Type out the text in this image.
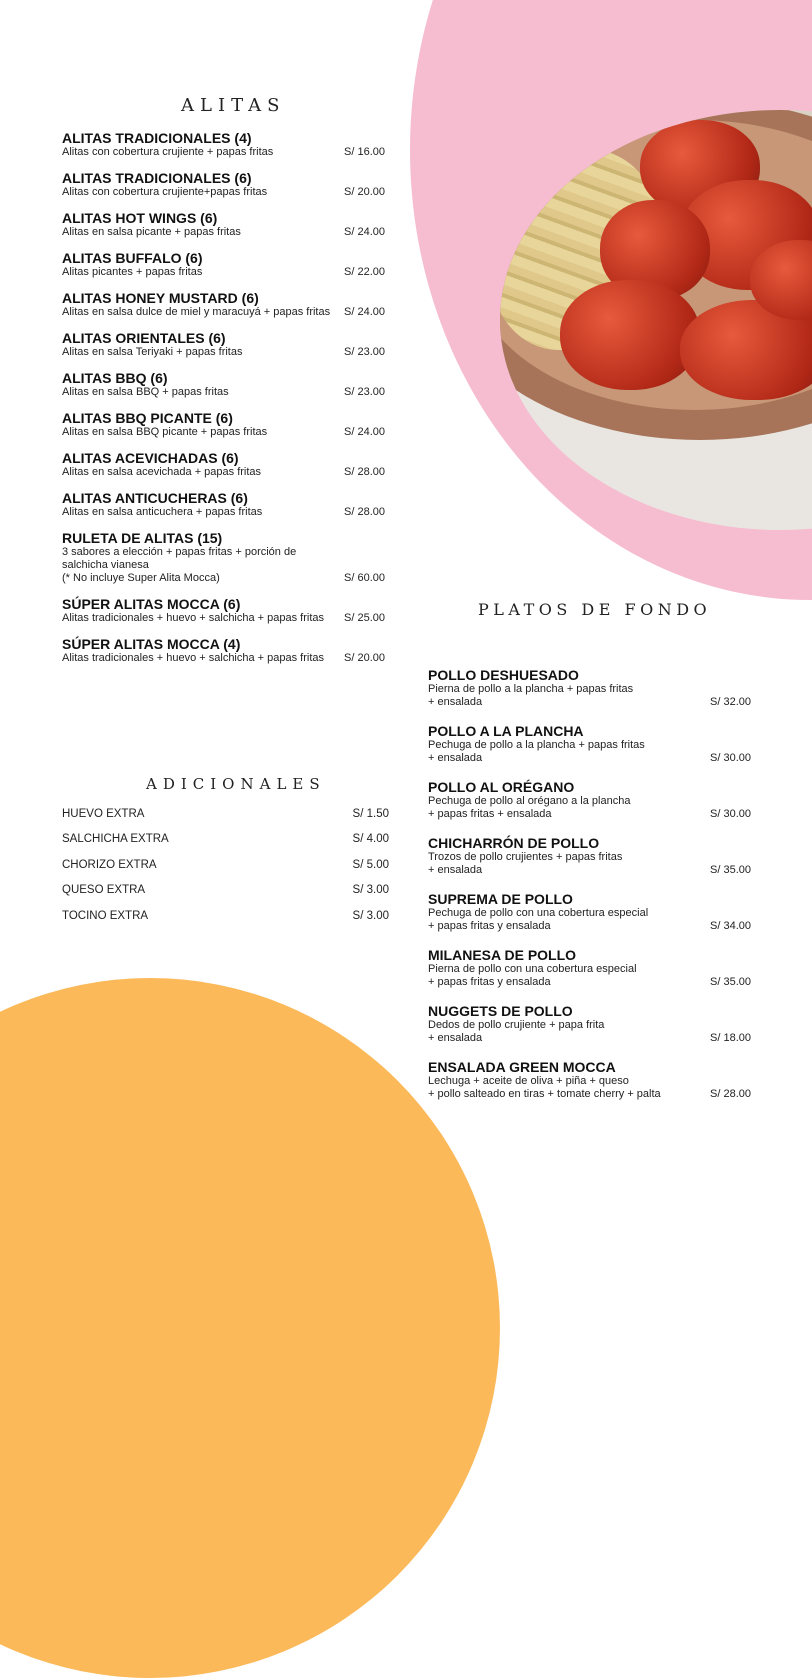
ALITAS
ALITAS TRADICIONALES (4)
Alitas con cobertura crujiente + papas fritas	S/ 16.00
ALITAS TRADICIONALES (6)
Alitas con cobertura crujiente+papas fritas	S/ 20.00
ALITAS HOT WINGS (6)
Alitas en salsa picante + papas fritas	S/ 24.00
ALITAS BUFFALO (6)
Alitas picantes + papas fritas	S/ 22.00
ALITAS HONEY MUSTARD (6)
Alitas en salsa dulce de miel y maracuyá + papas fritas	S/ 24.00
ALITAS ORIENTALES (6)
Alitas en salsa Teriyaki + papas fritas	S/ 23.00
ALITAS BBQ (6)
Alitas en salsa BBQ + papas fritas	S/ 23.00
ALITAS BBQ PICANTE (6)
Alitas en salsa BBQ picante + papas fritas	S/ 24.00
ALITAS ACEVICHADAS (6)
Alitas en salsa acevichada + papas fritas	S/ 28.00
ALITAS ANTICUCHERAS (6)
Alitas en salsa anticuchera + papas fritas	S/ 28.00
RULETA DE ALITAS (15)
3 sabores a elección + papas fritas + porción de salchicha vianesa
(* No incluye Super Alita Mocca)	S/ 60.00
SÚPER ALITAS MOCCA (6)
Alitas tradicionales + huevo + salchicha + papas fritas	S/ 25.00
SÚPER ALITAS MOCCA (4)
Alitas tradicionales + huevo + salchicha + papas fritas	S/ 20.00
ADICIONALES
HUEVO EXTRA	S/ 1.50
SALCHICHA EXTRA	S/ 4.00
CHORIZO EXTRA	S/ 5.00
QUESO EXTRA	S/ 3.00
TOCINO EXTRA	S/ 3.00
PLATOS DE FONDO
POLLO DESHUESADO
Pierna de pollo a la plancha + papas fritas
+ ensalada	S/ 32.00
POLLO A LA PLANCHA
Pechuga de pollo a la plancha + papas fritas
+ ensalada	S/ 30.00
POLLO AL ORÉGANO
Pechuga de pollo al orégano a la plancha
+ papas fritas + ensalada	S/ 30.00
CHICHARRÓN DE POLLO
Trozos de pollo crujientes + papas fritas
+ ensalada	S/ 35.00
SUPREMA DE POLLO
Pechuga de pollo con una cobertura especial
+ papas fritas y ensalada	S/ 34.00
MILANESA DE POLLO
Pierna de pollo con una cobertura especial
+ papas fritas y ensalada	S/ 35.00
NUGGETS DE POLLO
Dedos de pollo crujiente + papa frita
+ ensalada	S/ 18.00
ENSALADA GREEN MOCCA
Lechuga + aceite de oliva + piña + queso
+ pollo salteado en tiras + tomate cherry + palta	S/ 28.00
